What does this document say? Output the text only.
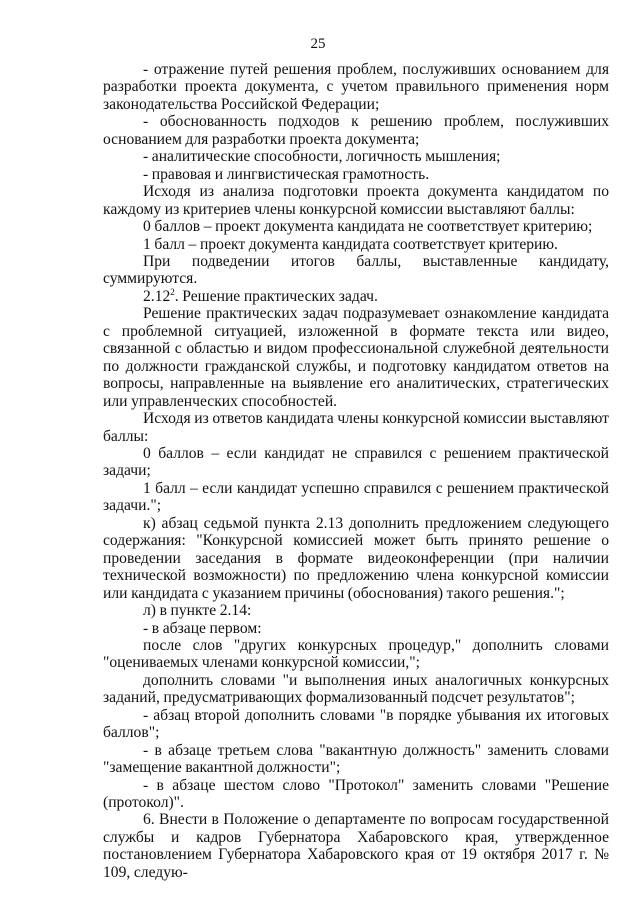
25

- отражение путей решения проблем, послуживших основанием для разработки проекта документа, с учетом правильного применения норм законодательства Российской Федерации;

- обоснованность подходов к решению проблем, послуживших основанием для разработки проекта документа;

- аналитические способности, логичность мышления;

- правовая и лингвистическая грамотность.

Исходя из анализа подготовки проекта документа кандидатом по каждому из критериев члены конкурсной комиссии выставляют баллы:

0 баллов – проект документа кандидата не соответствует критерию;

1 балл – проект документа кандидата соответствует критерию.

При подведении итогов баллы, выставленные кандидату, суммируются.

2.12$^2$. Решение практических задач.

Решение практических задач подразумевает ознакомление кандидата с проблемной ситуацией, изложенной в формате текста или видео, связанной с областью и видом профессиональной служебной деятельности по должности гражданской службы, и подготовку кандидатом ответов на вопросы, направленные на выявление его аналитических, стратегических или управленческих способностей.

Исходя из ответов кандидата члены конкурсной комиссии выставляют баллы:

0 баллов – если кандидат не справился с решением практической задачи;

1 балл – если кандидат успешно справился с решением практической задачи.";

к) абзац седьмой пункта 2.13 дополнить предложением следующего содержания: "Конкурсной комиссией может быть принято решение о проведении заседания в формате видеоконференции (при наличии технической возможности) по предложению члена конкурсной комиссии или кандидата с указанием причины (обоснования) такого решения.";

л) в пункте 2.14:

- в абзаце первом:

после слов "других конкурсных процедур," дополнить словами "оцениваемых членами конкурсной комиссии,";

дополнить словами "и выполнения иных аналогичных конкурсных заданий, предусматривающих формализованный подсчет результатов";

- абзац второй дополнить словами "в порядке убывания их итоговых баллов";

- в абзаце третьем слова "вакантную должность" заменить словами "замещение вакантной должности";

- в абзаце шестом слово "Протокол" заменить словами "Решение (протокол)".

6. Внести в Положение о департаменте по вопросам государственной службы и кадров Губернатора Хабаровского края, утвержденное постановлением Губернатора Хабаровского края от 19 октября 2017 г. № 109, следую-
